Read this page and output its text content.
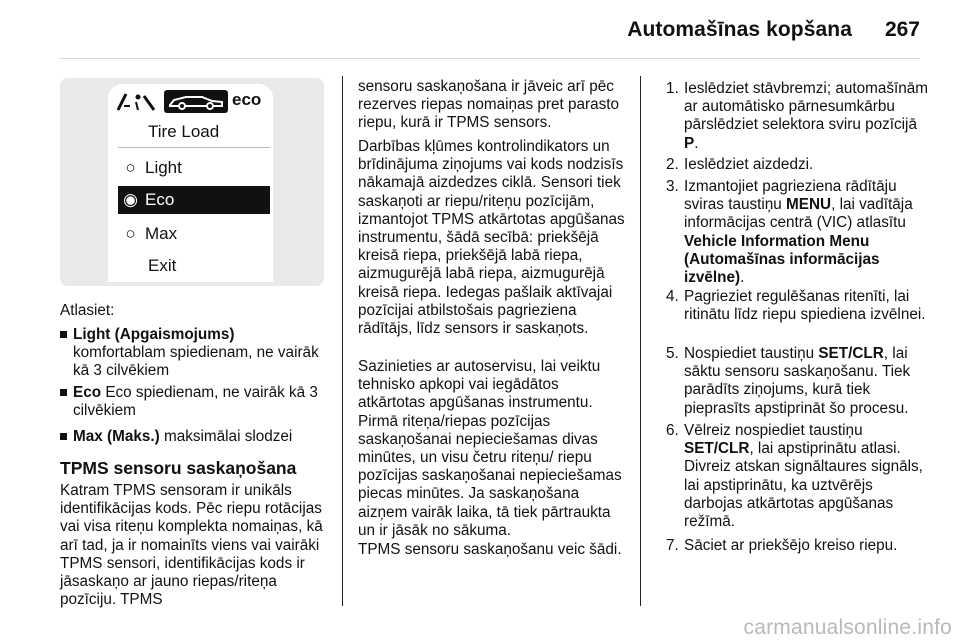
Automašīnas kopšana 267
eco
Tire Load
○ Light
◉ Eco
○ Max
Exit
Atlasiet:
Light (Apgaismojums)
komfortablam spiedienam, ne vairāk kā 3 cilvēkiem
Eco Eco spiedienam, ne vairāk kā 3 cilvēkiem
Max (Maks.) maksimālai slodzei
TPMS sensoru saskaņošana

Katram TPMS sensoram ir unikāls identifikācijas kods. Pēc riepu rotācijas vai visa riteņu komplekta nomaiņas, kā arī tad, ja ir nomainīts viens vai vairāki TPMS sensori, identifikācijas kods ir jāsaskaņo ar jauno riepas/riteņa pozīciju. TPMS

sensoru saskaņošana ir jāveic arī pēc rezerves riepas nomaiņas pret parasto riepu, kurā ir TPMS sensors.

Darbības kļūmes kontrolindikators un brīdinājuma ziņojums vai kods nodzisīs nākamajā aizdedzes ciklā. Sensori tiek saskaņoti ar riepu/riteņu pozīcijām, izmantojot TPMS atkārtotas apgūšanas instrumentu, šādā secībā: priekšējā kreisā riepa, priekšējā labā riepa, aizmugurējā labā riepa, aizmugurējā kreisā riepa. Iedegas pašlaik aktīvajai pozīcijai atbilstošais pagrieziena rādītājs, līdz sensors ir saskaņots.

Sazinieties ar autoservisu, lai veiktu tehnisko apkopi vai iegādātos atkārtotas apgūšanas instrumentu. Pirmā riteņa/riepas pozīcijas saskaņošanai nepieciešamas divas minūtes, un visu četru riteņu/ riepu pozīcijas saskaņošanai nepieciešamas piecas minūtes. Ja saskaņošana aizņem vairāk laika, tā tiek pārtraukta un ir jāsāk no sākuma.

TPMS sensoru saskaņošanu veic šādi.

1. Ieslēdziet stāvbremzi; automašīnām ar automātisko pārnesumkārbu pārslēdziet selektora sviru pozīcijā P.
2. Ieslēdziet aizdedzi.
3. Izmantojiet pagrieziena rādītāju sviras taustiņu MENU, lai vadītāja informācijas centrā (VIC) atlasītu Vehicle Information Menu (Automašīnas informācijas izvēlne).
4. Pagrieziet regulēšanas ritenīti, lai ritinātu līdz riepu spiediena izvēlnei.
5. Nospiediet taustiņu SET/CLR, lai sāktu sensoru saskaņošanu. Tiek parādīts ziņojums, kurā tiek pieprasīts apstiprināt šo procesu.
6. Vēlreiz nospiediet taustiņu SET/CLR, lai apstiprinātu atlasi. Divreiz atskan signāltaures signāls, lai apstiprinātu, ka uztvērējs darbojas atkārtotas apgūšanas režīmā.
7. Sāciet ar priekšējo kreiso riepu.
carmanualsonline.info
